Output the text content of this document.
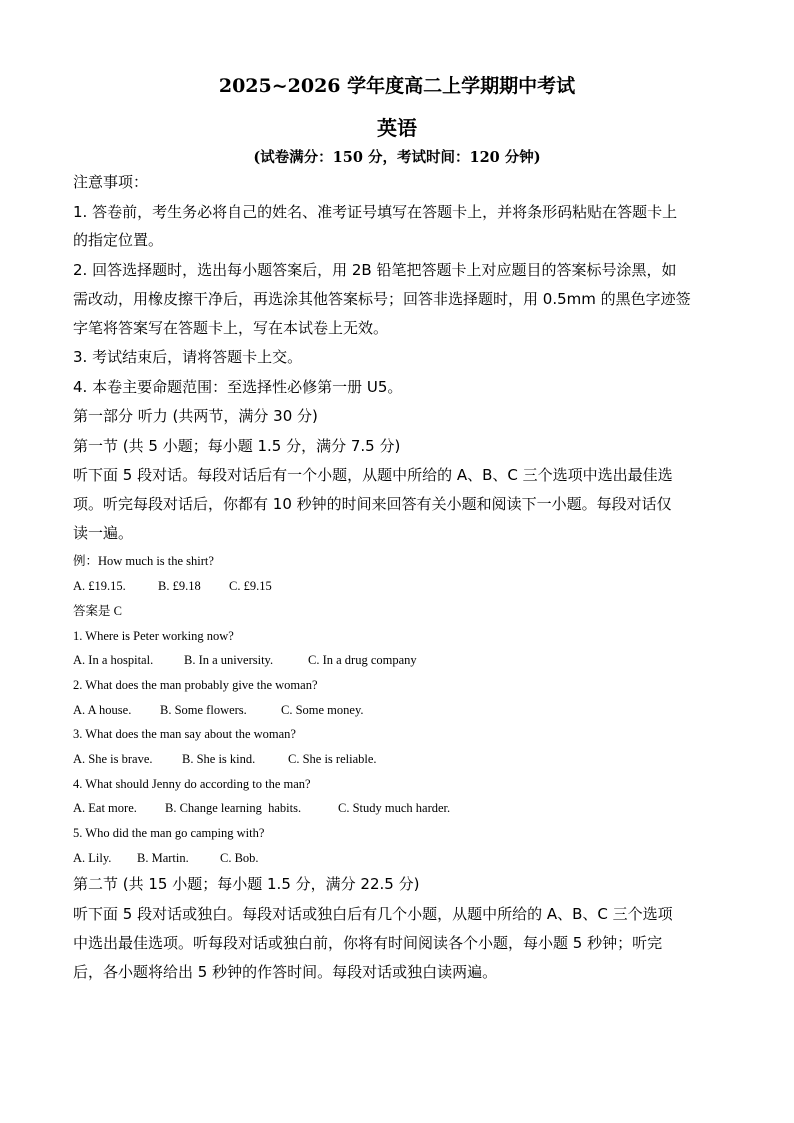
2025~2026 学年度高二上学期期中考试
英语
(试卷满分：150 分，考试时间：120 分钟)
注意事项：
1. 答卷前，考生务必将自己的姓名、准考证号填写在答题卡上，并将条形码粘贴在答题卡上
的指定位置。
2. 回答选择题时，选出每小题答案后，用 2B 铅笔把答题卡上对应题目的答案标号涂黑，如
需改动，用橡皮擦干净后，再选涂其他答案标号；回答非选择题时，用 0.5mm 的黑色字迹签
字笔将答案写在答题卡上，写在本试卷上无效。
3. 考试结束后，请将答题卡上交。
4. 本卷主要命题范围：至选择性必修第一册 U5。
第一部分 听力 (共两节，满分 30 分)
第一节 (共 5 小题；每小题 1.5 分，满分 7.5 分)
听下面 5 段对话。每段对话后有一个小题，从题中所给的 A、B、C 三个选项中选出最佳选
项。听完每段对话后，你都有 10 秒钟的时间来回答有关小题和阅读下一小题。每段对话仅
读一遍。
例：How much is the shirt?
A. £19.15.	B. £9.18 C. £9.15
答案是 C
1. Where is Peter working now?
A. In a hospital. B. In a university.	C. In a drug company
2. What does the man probably give the woman?
A. A house. B. Some flowers.	C. Some money.
3. What does the man say about the woman?
A. She is brave. B. She is kind.	C. She is reliable.
4. What should Jenny do according to the man?
A. Eat more. B. Change learning  habits.	C. Study much harder.
5. Who did the man go camping with?
A. Lily. B. Martin.	C. Bob.
第二节 (共 15 小题；每小题 1.5 分，满分 22.5 分)
听下面 5 段对话或独白。每段对话或独白后有几个小题，从题中所给的 A、B、C 三个选项
中选出最佳选项。听每段对话或独白前，你将有时间阅读各个小题，每小题 5 秒钟；听完
后，各小题将给出 5 秒钟的作答时间。每段对话或独白读两遍。
